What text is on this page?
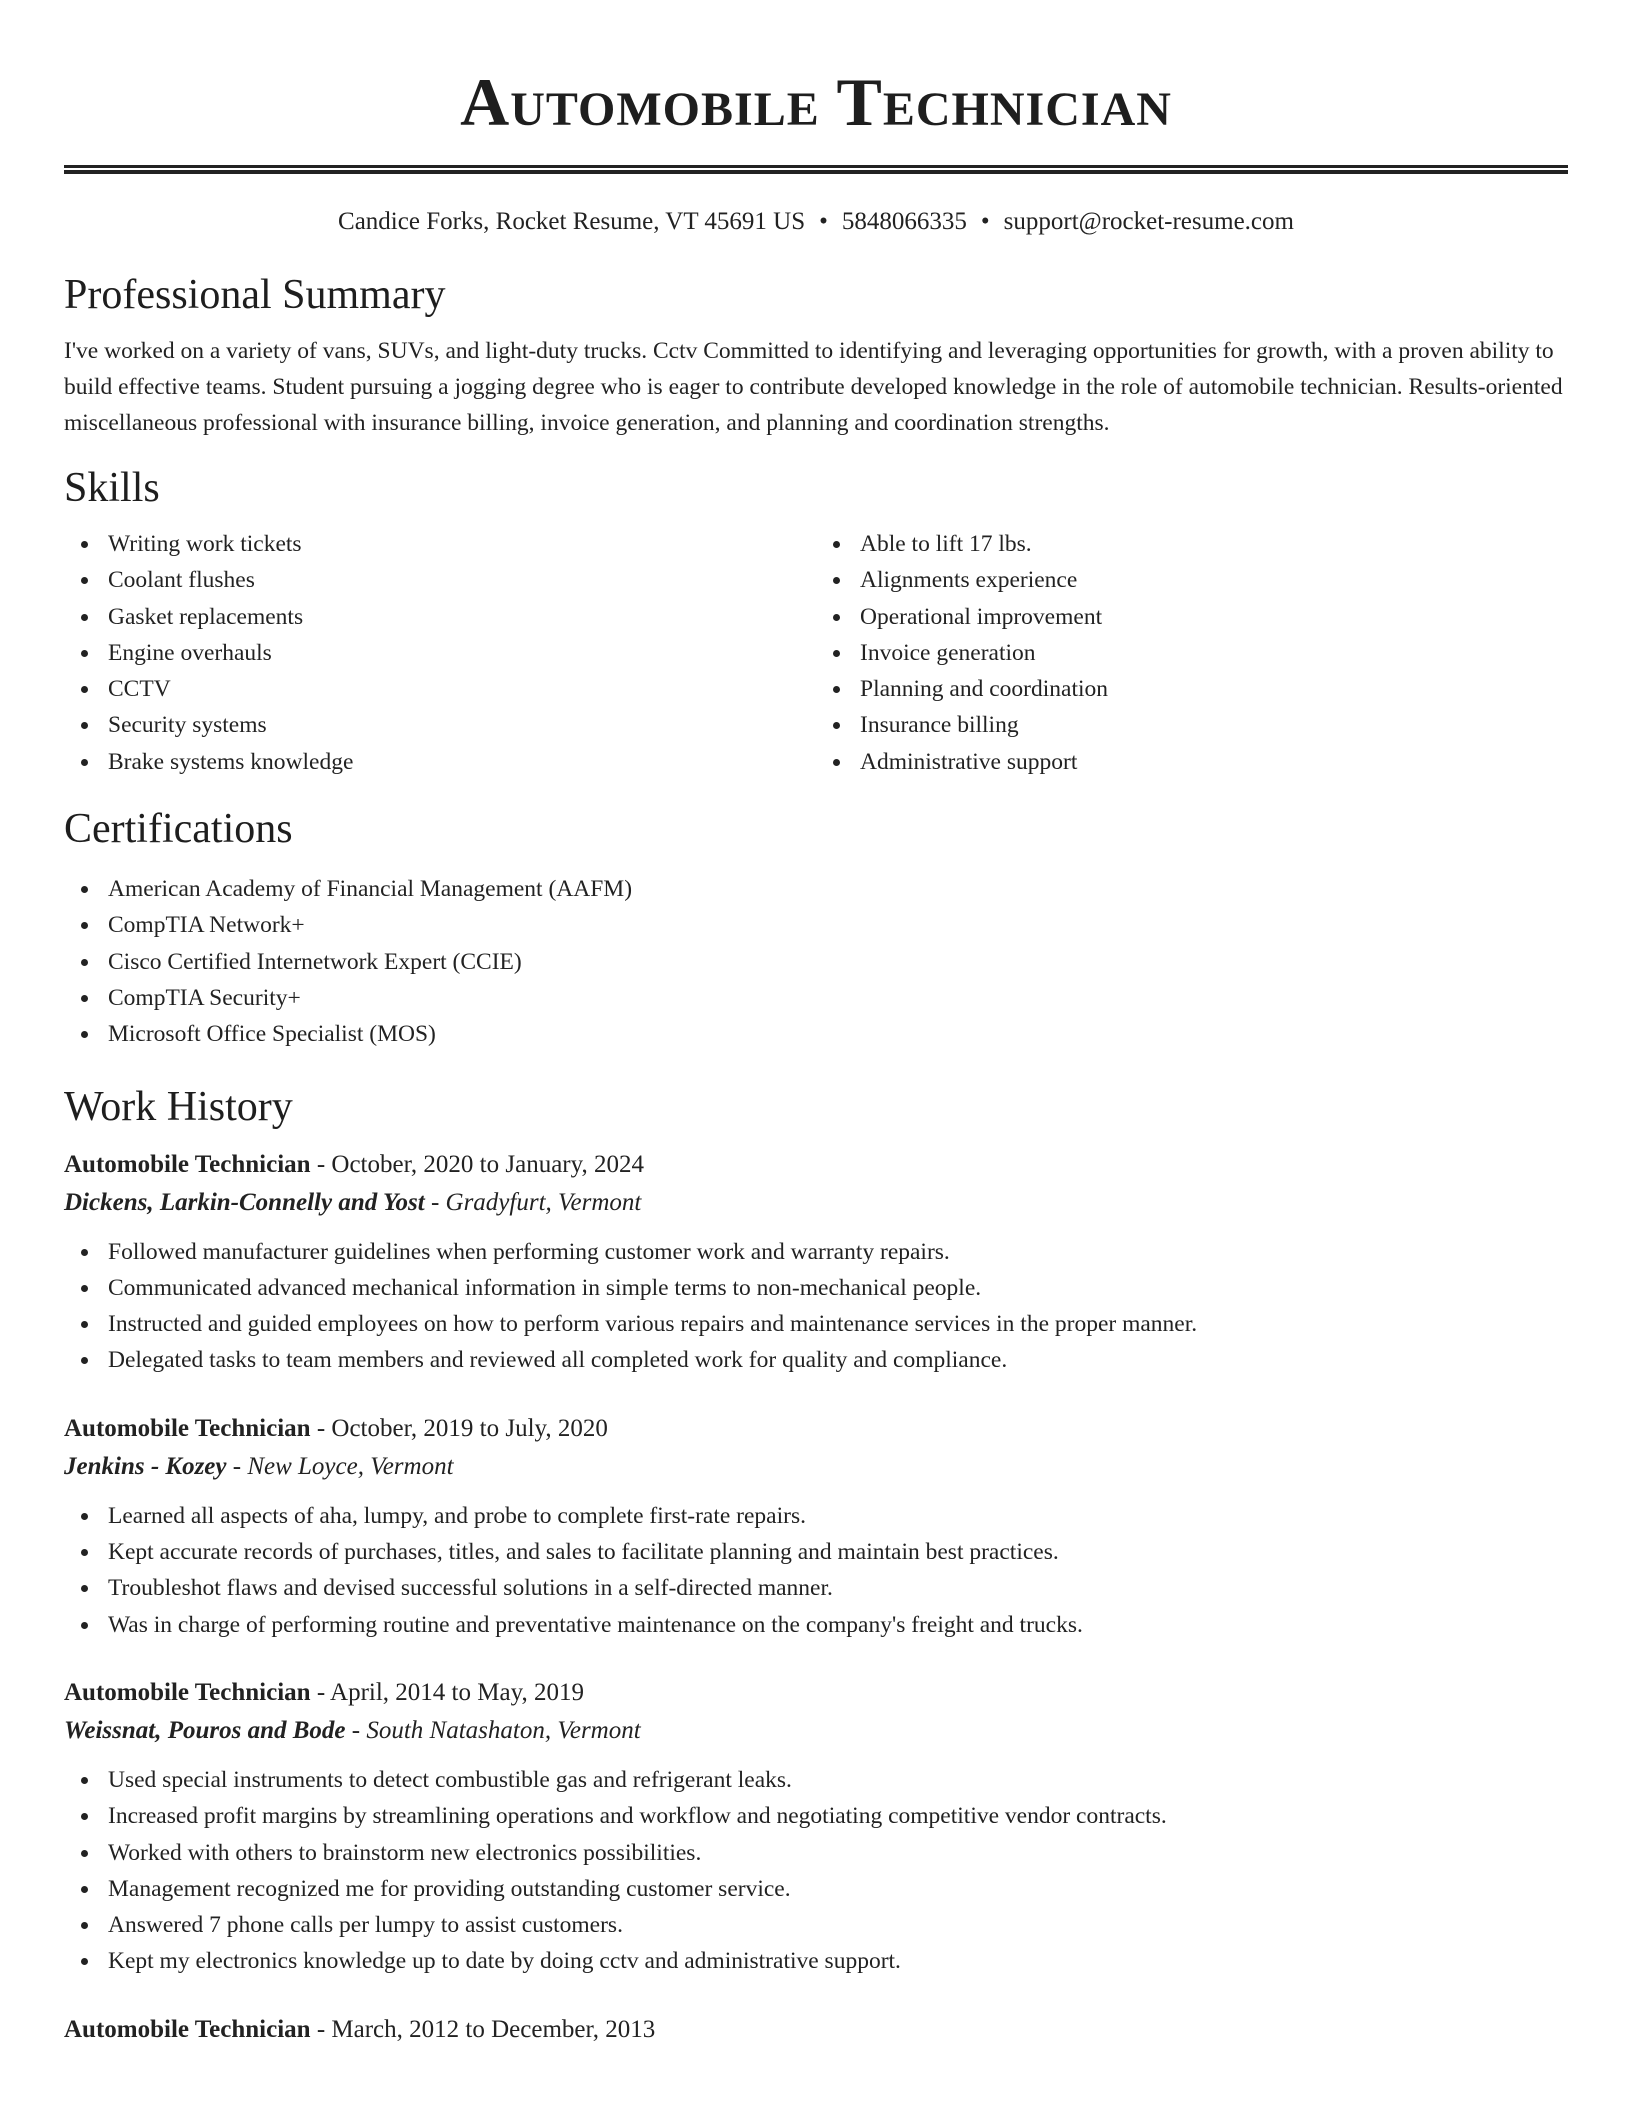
Automobile Technician
Candice Forks, Rocket Resume, VT 45691 US • 5848066335 • support@rocket-resume.com
Professional Summary
I've worked on a variety of vans, SUVs, and light-duty trucks. Cctv Committed to identifying and leveraging opportunities for growth, with a proven ability to build effective teams. Student pursuing a jogging degree who is eager to contribute developed knowledge in the role of automobile technician. Results-oriented miscellaneous professional with insurance billing, invoice generation, and planning and coordination strengths.
Skills
Writing work tickets
Coolant flushes
Gasket replacements
Engine overhauls
CCTV
Security systems
Brake systems knowledge
Able to lift 17 lbs.
Alignments experience
Operational improvement
Invoice generation
Planning and coordination
Insurance billing
Administrative support
Certifications
American Academy of Financial Management (AAFM)
CompTIA Network+
Cisco Certified Internetwork Expert (CCIE)
CompTIA Security+
Microsoft Office Specialist (MOS)
Work History
Automobile Technician - October, 2020 to January, 2024
Dickens, Larkin-Connelly and Yost - Gradyfurt, Vermont
Followed manufacturer guidelines when performing customer work and warranty repairs.
Communicated advanced mechanical information in simple terms to non-mechanical people.
Instructed and guided employees on how to perform various repairs and maintenance services in the proper manner.
Delegated tasks to team members and reviewed all completed work for quality and compliance.
Automobile Technician - October, 2019 to July, 2020
Jenkins - Kozey - New Loyce, Vermont
Learned all aspects of aha, lumpy, and probe to complete first-rate repairs.
Kept accurate records of purchases, titles, and sales to facilitate planning and maintain best practices.
Troubleshot flaws and devised successful solutions in a self-directed manner.
Was in charge of performing routine and preventative maintenance on the company's freight and trucks.
Automobile Technician - April, 2014 to May, 2019
Weissnat, Pouros and Bode - South Natashaton, Vermont
Used special instruments to detect combustible gas and refrigerant leaks.
Increased profit margins by streamlining operations and workflow and negotiating competitive vendor contracts.
Worked with others to brainstorm new electronics possibilities.
Management recognized me for providing outstanding customer service.
Answered 7 phone calls per lumpy to assist customers.
Kept my electronics knowledge up to date by doing cctv and administrative support.
Automobile Technician - March, 2012 to December, 2013
